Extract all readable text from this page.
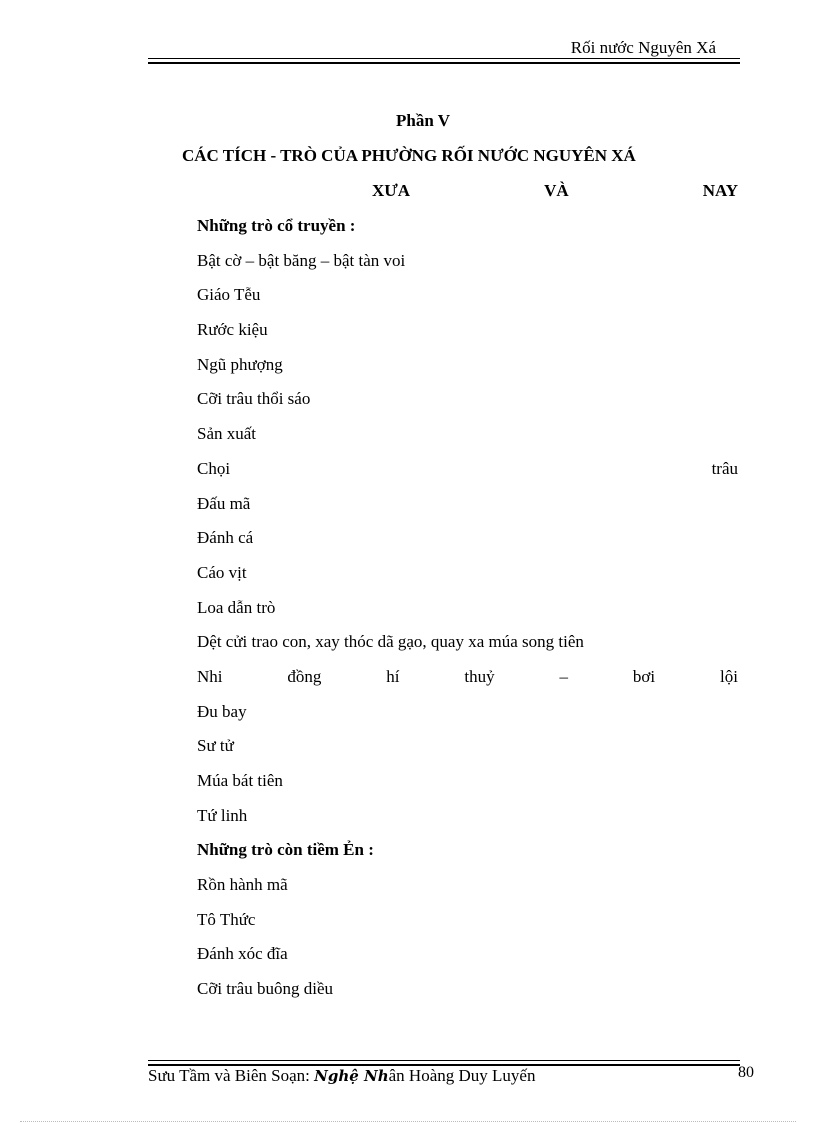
Rối nước Nguyên Xá
Phần V
CÁC TÍCH - TRÒ CỦA PHƯỜNG RỐI NƯỚC NGUYÊN XÁ
XƯA	VÀ	NAY
Những trò cổ truyền :
Bật cờ – bật băng – bật tàn voi
Giáo Tễu
Rước kiệu
Ngũ phượng
Cỡi trâu thổi sáo
Sản xuất
Chọi	trâu
Đấu mã
Đánh cá
Cáo vịt
Loa dẫn trò
Dệt cửi trao con, xay thóc dã gạo, quay xa múa song tiên
Nhi	đồng	hí	thuỷ	–	bơi	lội
Đu bay
Sư tử
Múa bát tiên
Tứ linh
Những trò còn tiềm Ẻn :
Rồn hành mã
Tô Thức
Đánh xóc đĩa
Cỡi trâu buông diều
Sưu Tầm và Biên Soạn: Nghệ Nhân Hoàng Duy Luyến	80
